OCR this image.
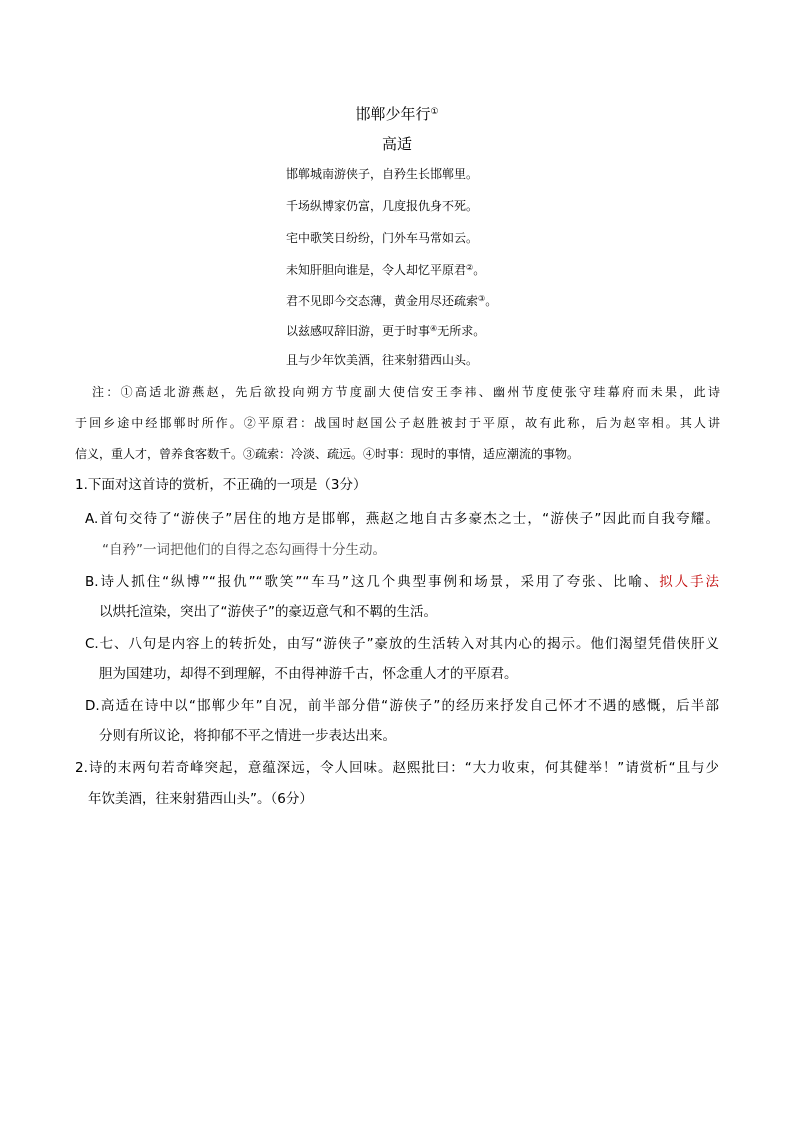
邯郸少年行①
高适
邯郸城南游侠子，自矜生长邯郸里。
千场纵博家仍富，几度报仇身不死。
宅中歌笑日纷纷，门外车马常如云。
未知肝胆向谁是，令人却忆平原君②。
君不见即今交态薄，黄金用尽还疏索③。
以兹感叹辞旧游，更于时事④无所求。
且与少年饮美酒，往来射猎西山头。
注：①高适北游燕赵，先后欲投向朔方节度副大使信安王李祎、幽州节度使张守珪幕府而未果，此诗
于回乡途中经邯郸时所作。②平原君：战国时赵国公子赵胜被封于平原，故有此称，后为赵宰相。其人讲
信义，重人才，曾养食客数千。③疏索：冷淡、疏远。④时事：现时的事情，适应潮流的事物。
1.下面对这首诗的赏析，不正确的一项是（3分）
A.首句交待了“游侠子”居住的地方是邯郸，燕赵之地自古多豪杰之士，“游侠子”因此而自我夸耀。
“自矜”一词把他们的自得之态勾画得十分生动。
B.诗人抓住“纵博”“报仇”“歌笑”“车马”这几个典型事例和场景，采用了夸张、比喻、拟人手法
以烘托渲染，突出了“游侠子”的豪迈意气和不羁的生活。
C.七、八句是内容上的转折处，由写“游侠子”豪放的生活转入对其内心的揭示。他们渴望凭借侠肝义
胆为国建功，却得不到理解，不由得神游千古，怀念重人才的平原君。
D.高适在诗中以“邯郸少年”自况，前半部分借“游侠子”的经历来抒发自己怀才不遇的感慨，后半部
分则有所议论，将抑郁不平之情进一步表达出来。
2.诗的末两句若奇峰突起，意蕴深远，令人回味。赵熙批曰：“大力收束，何其健举！”请赏析“且与少
年饮美酒，往来射猎西山头”。（6分）
